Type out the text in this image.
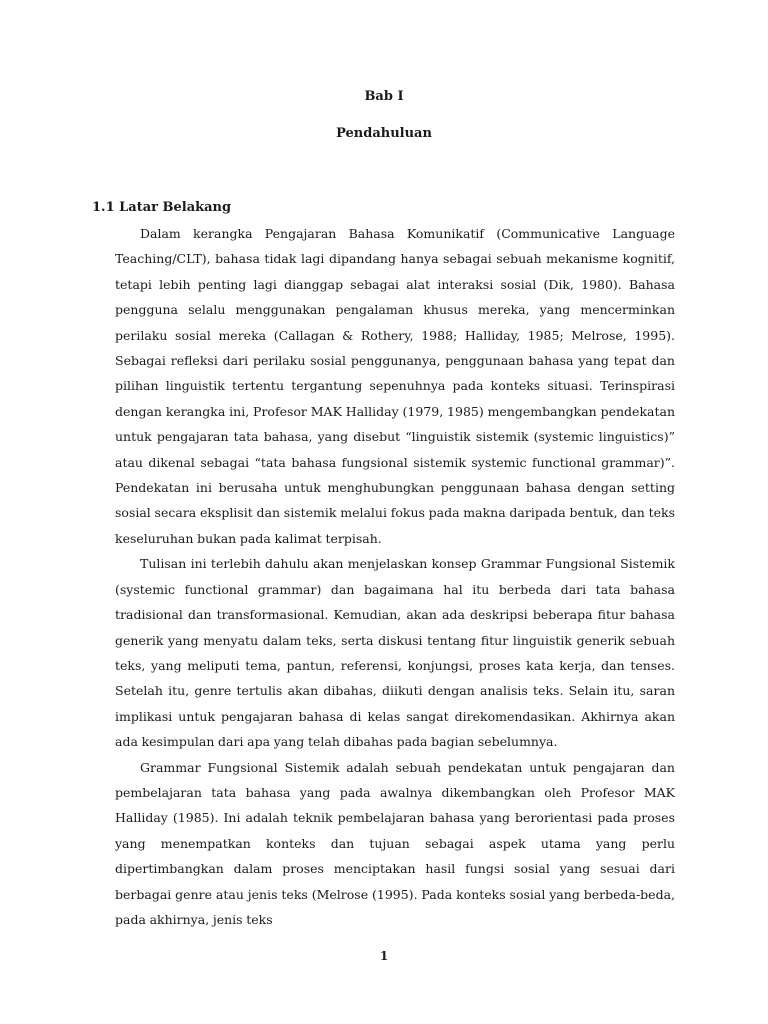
Bab I
Pendahuluan
1.1 Latar Belakang

Dalam kerangka Pengajaran Bahasa Komunikatif (Communicative Language Teaching/CLT), bahasa tidak lagi dipandang hanya sebagai sebuah mekanisme kognitif, tetapi lebih penting lagi dianggap sebagai alat interaksi sosial (Dik, 1980). Bahasa pengguna selalu menggunakan pengalaman khusus mereka, yang mencerminkan perilaku sosial mereka (Callagan & Rothery, 1988; Halliday, 1985; Melrose, 1995). Sebagai refleksi dari perilaku sosial penggunanya, penggunaan bahasa yang tepat dan pilihan linguistik tertentu tergantung sepenuhnya pada konteks situasi. Terinspirasi dengan kerangka ini, Profesor MAK Halliday (1979, 1985) mengembangkan pendekatan untuk pengajaran tata bahasa, yang disebut “linguistik sistemik (systemic linguistics)” atau dikenal sebagai “tata bahasa fungsional sistemik systemic functional grammar)”. Pendekatan ini berusaha untuk menghubungkan penggunaan bahasa dengan setting sosial secara eksplisit dan sistemik melalui fokus pada makna daripada bentuk, dan teks keseluruhan bukan pada kalimat terpisah.

Tulisan ini terlebih dahulu akan menjelaskan konsep Grammar Fungsional Sistemik (systemic functional grammar) dan bagaimana hal itu berbeda dari tata bahasa tradisional dan transformasional. Kemudian, akan ada deskripsi beberapa fitur bahasa generik yang menyatu dalam teks, serta diskusi tentang fitur linguistik generik sebuah teks, yang meliputi tema, pantun, referensi, konjungsi, proses kata kerja, dan tenses. Setelah itu, genre tertulis akan dibahas, diikuti dengan analisis teks. Selain itu, saran implikasi untuk pengajaran bahasa di kelas sangat direkomendasikan. Akhirnya akan ada kesimpulan dari apa yang telah dibahas pada bagian sebelumnya.

Grammar Fungsional Sistemik adalah sebuah pendekatan untuk pengajaran dan pembelajaran tata bahasa yang pada awalnya dikembangkan oleh Profesor MAK Halliday (1985). Ini adalah teknik pembelajaran bahasa yang berorientasi pada proses yang menempatkan konteks dan tujuan sebagai aspek utama yang perlu dipertimbangkan dalam proses menciptakan hasil fungsi sosial yang sesuai dari berbagai genre atau jenis teks (Melrose (1995). Pada konteks sosial yang berbeda-beda, pada akhirnya, jenis teks

1
